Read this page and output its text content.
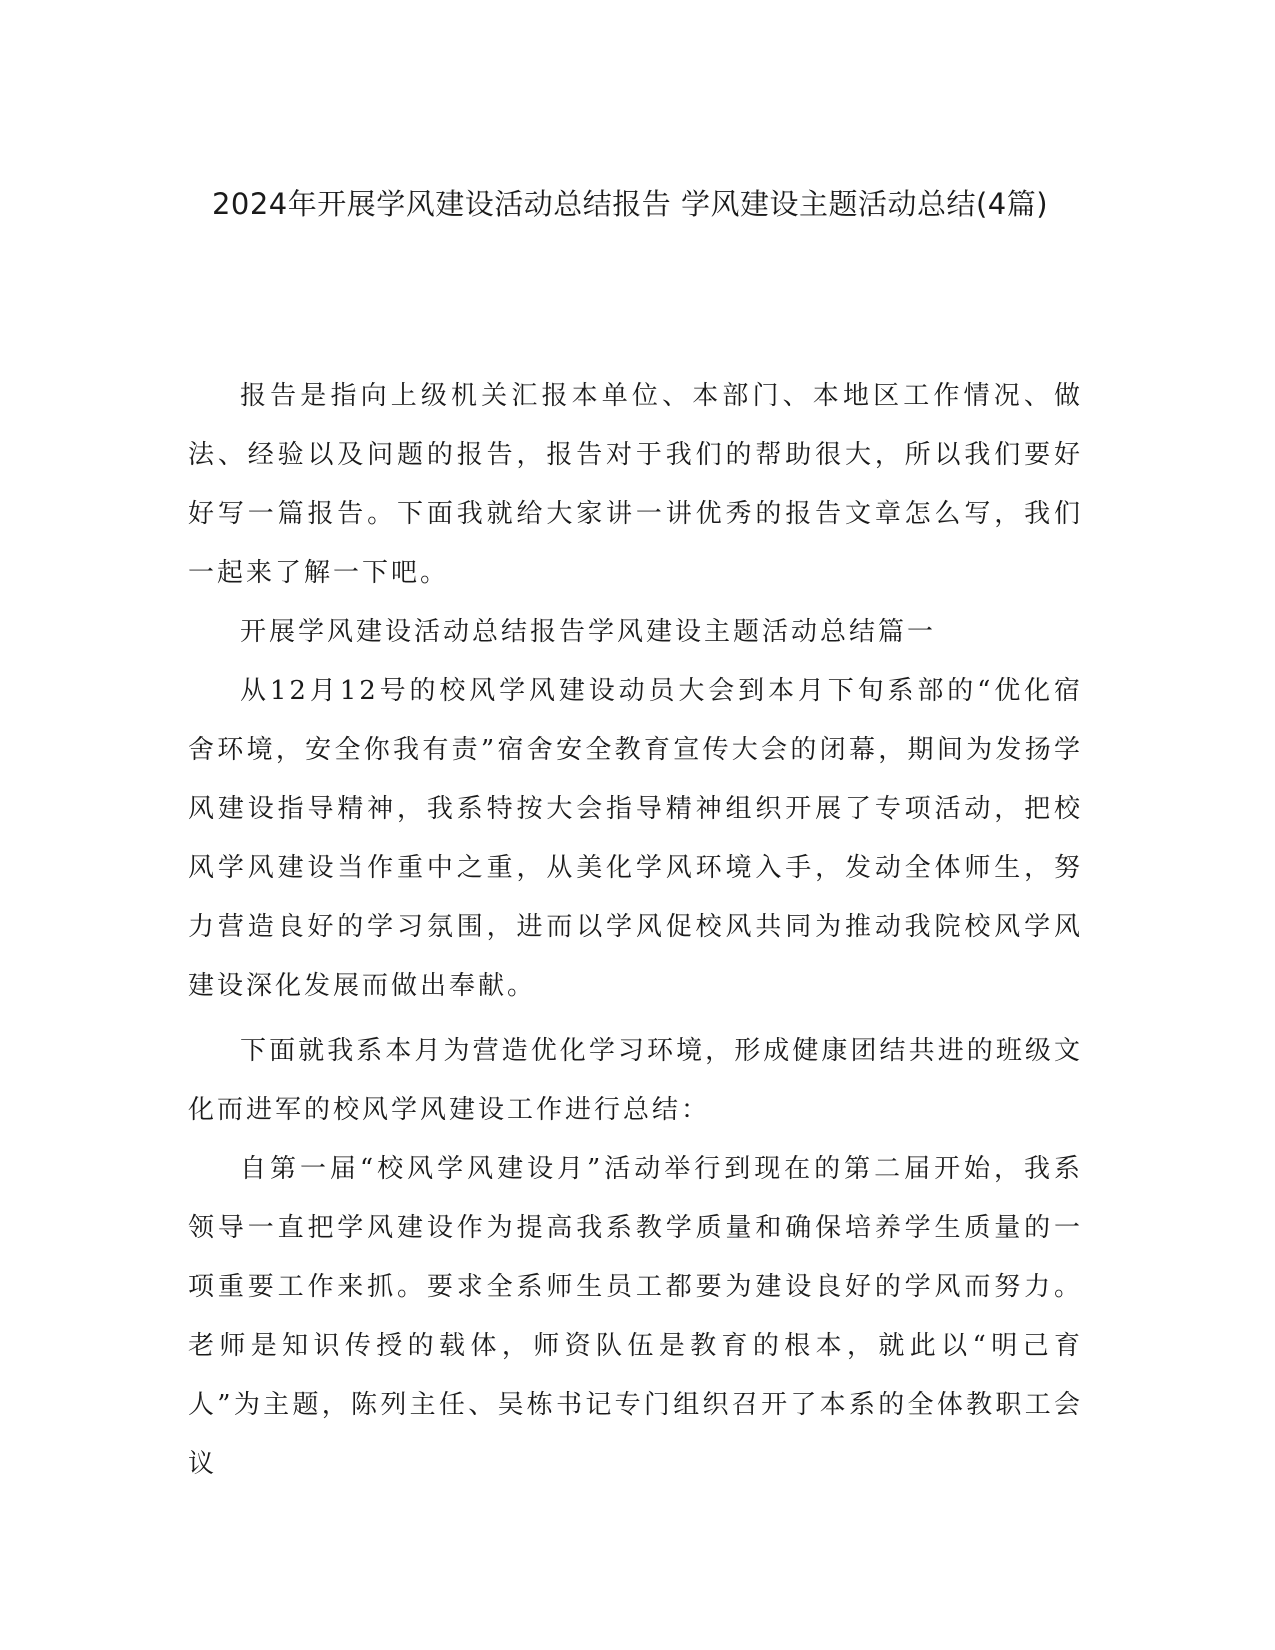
2024年开展学风建设活动总结报告 学风建设主题活动总结(4篇)

报告是指向上级机关汇报本单位、本部门、本地区工作情况、做法、经验以及问题的报告，报告对于我们的帮助很大，所以我们要好好写一篇报告。下面我就给大家讲一讲优秀的报告文章怎么写，我们一起来了解一下吧。

开展学风建设活动总结报告学风建设主题活动总结篇一

从12月12号的校风学风建设动员大会到本月下旬系部的“优化宿舍环境，安全你我有责”宿舍安全教育宣传大会的闭幕，期间为发扬学风建设指导精神，我系特按大会指导精神组织开展了专项活动，把校风学风建设当作重中之重，从美化学风环境入手，发动全体师生，努力营造良好的学习氛围，进而以学风促校风共同为推动我院校风学风建设深化发展而做出奉献。

下面就我系本月为营造优化学习环境，形成健康团结共进的班级文化而进军的校风学风建设工作进行总结：

自第一届“校风学风建设月”活动举行到现在的第二届开始，我系领导一直把学风建设作为提高我系教学质量和确保培养学生质量的一项重要工作来抓。要求全系师生员工都要为建设良好的学风而努力。老师是知识传授的载体，师资队伍是教育的根本，就此以“明己育人”为主题，陈列主任、吴栋书记专门组织召开了本系的全体教职工会议
